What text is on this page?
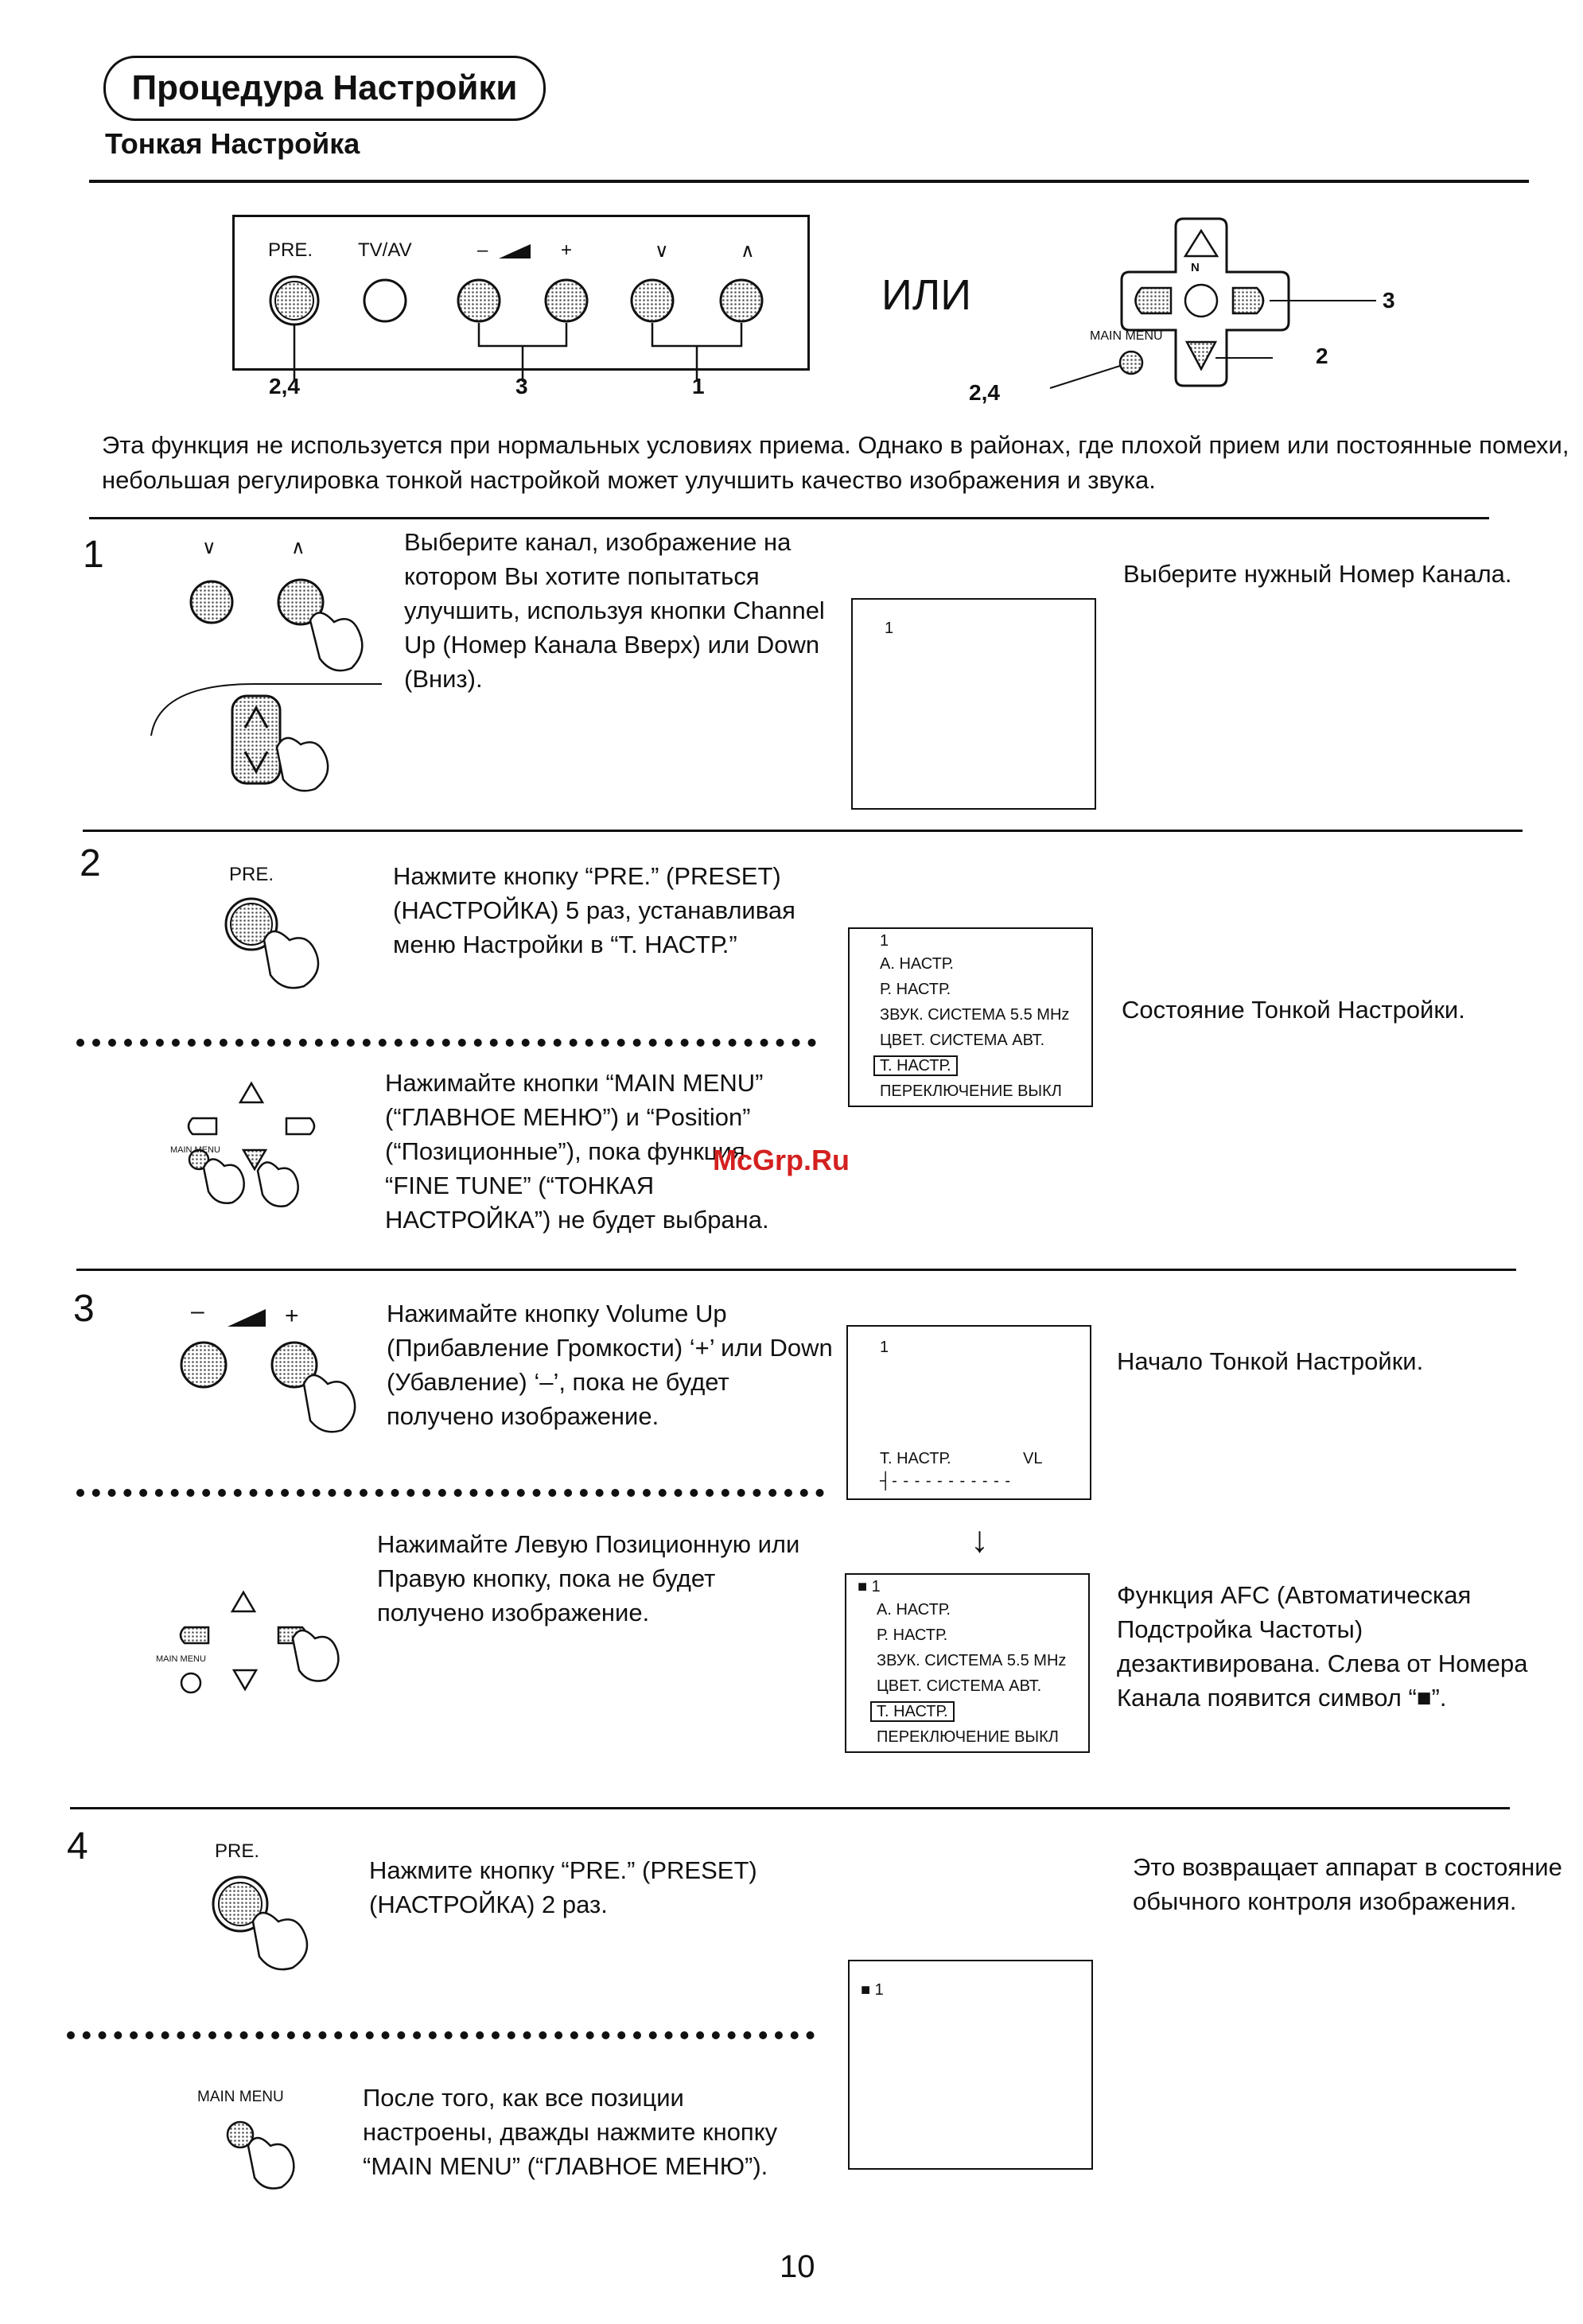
Процедура Настройки
Тонкая Настройка
PRE. TV/AV	–	+	∨	∧
2,4	3	1
ИЛИ
N
MAIN MENU
3
2
2,4
Эта функция не используется при нормальных условиях приема. Однако в районах, где плохой прием или постоянные помехи, небольшая регулировка тонкой настройкой может улучшить качество изображения и звука.
1	∨	∧	Выберите канал, изображение на котором Вы хотите попытаться улучшить, используя кнопки Channel Up (Номер Канала Вверх) или Down (Вниз).
1
Выберите нужный Номер Канала.
2	PRE.	Нажмите кнопку “PRE.” (PRESET) (НАСТРОЙКА) 5 раз, устанавливая меню Настройки в “Т. НАСТР.”	1
А. НАСТР.
Р. НАСТР.
ЗВУК. СИСТЕМА 5.5 MHz
ЦВЕТ. СИСТЕМА АВТ.
Т. НАСТР.
ПЕРЕКЛЮЧЕНИЕ ВЫКЛ
Состояние Тонкой Настройки.
MAIN MENU
Нажимайте кнопки “MAIN MENU” (“ГЛАВНОЕ МЕНЮ”) и “Position” (“Позиционные”), пока функция “FINE TUNE” (“ТОНКАЯ НАСТРОЙКА”) не будет выбрана.
McGrp.Ru
3	–	+	Нажимайте кнопку Volume Up (Прибавление Громкости) ‘+’ или Down (Убавление) ‘–’, пока не будет получено изображение.
1
Т. НАСТР.	VL
┤- - - - - - - - - - -
Начало Тонкой Настройки.
↓
MAIN MENU
Нажимайте Левую Позиционную или Правую кнопку, пока не будет получено изображение.
■ 1
А. НАСТР.
Р. НАСТР.
ЗВУК. СИСТЕМА 5.5 MHz
ЦВЕТ. СИСТЕМА АВТ.
Т. НАСТР.
ПЕРЕКЛЮЧЕНИЕ ВЫКЛ
Функция AFC (Автоматическая Подстройка Частоты) дезактивирована. Слева от Номера Канала появится символ “■”.
4	PRE.
Нажмите кнопку “PRE.” (PRESET) (НАСТРОЙКА) 2 раз.
Это возвращает аппарат в состояние обычного контроля изображения.
■ 1
MAIN MENU	После того, как все позиции настроены, дважды нажмите кнопку “MAIN MENU” (“ГЛАВНОЕ МЕНЮ”).
10
